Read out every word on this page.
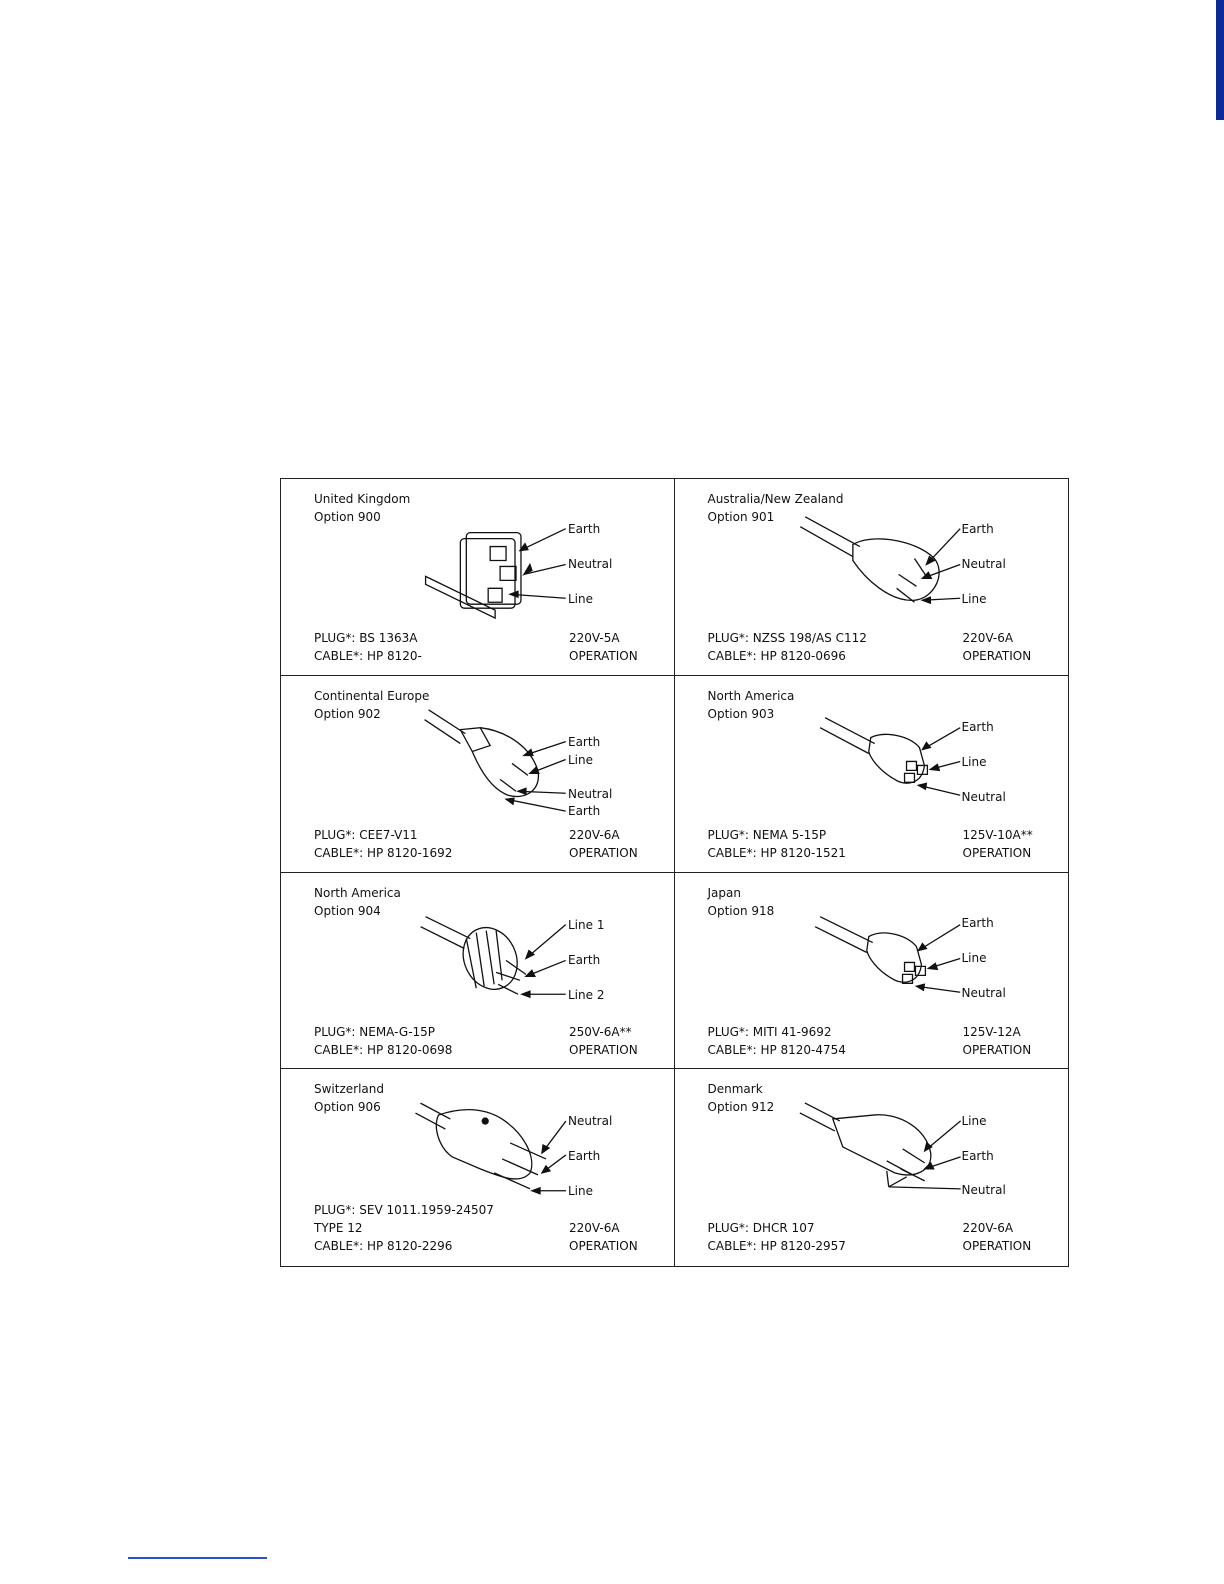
United Kingdom
Option 900
Earth
Neutral
Line
PLUG*: BS 1363A
CABLE*: HP 8120-
220V-5A
OPERATION
Australia/New Zealand
Option 901
Earth
Neutral
Line
PLUG*: NZSS 198/AS C112
CABLE*: HP 8120-0696
220V-6A
OPERATION
Continental Europe
Option 902
Earth
Line
Neutral
Earth
PLUG*: CEE7-V11
CABLE*: HP 8120-1692
220V-6A
OPERATION
North America
Option 903
Earth
Line
Neutral
PLUG*: NEMA 5-15P
CABLE*: HP 8120-1521
125V-10A**
OPERATION
North America
Option 904
Line 1
Earth
Line 2
PLUG*: NEMA-G-15P
CABLE*: HP 8120-0698
250V-6A**
OPERATION
Japan
Option 918
Earth
Line
Neutral
PLUG*: MITI 41-9692
CABLE*: HP 8120-4754
125V-12A
OPERATION
Switzerland
Option 906
Neutral
Earth
Line
PLUG*: SEV 1011.1959-24507
TYPE 12
CABLE*: HP 8120-2296
220V-6A
OPERATION
Denmark
Option 912
Line
Earth
Neutral
PLUG*: DHCR 107
CABLE*: HP 8120-2957
220V-6A
OPERATION
